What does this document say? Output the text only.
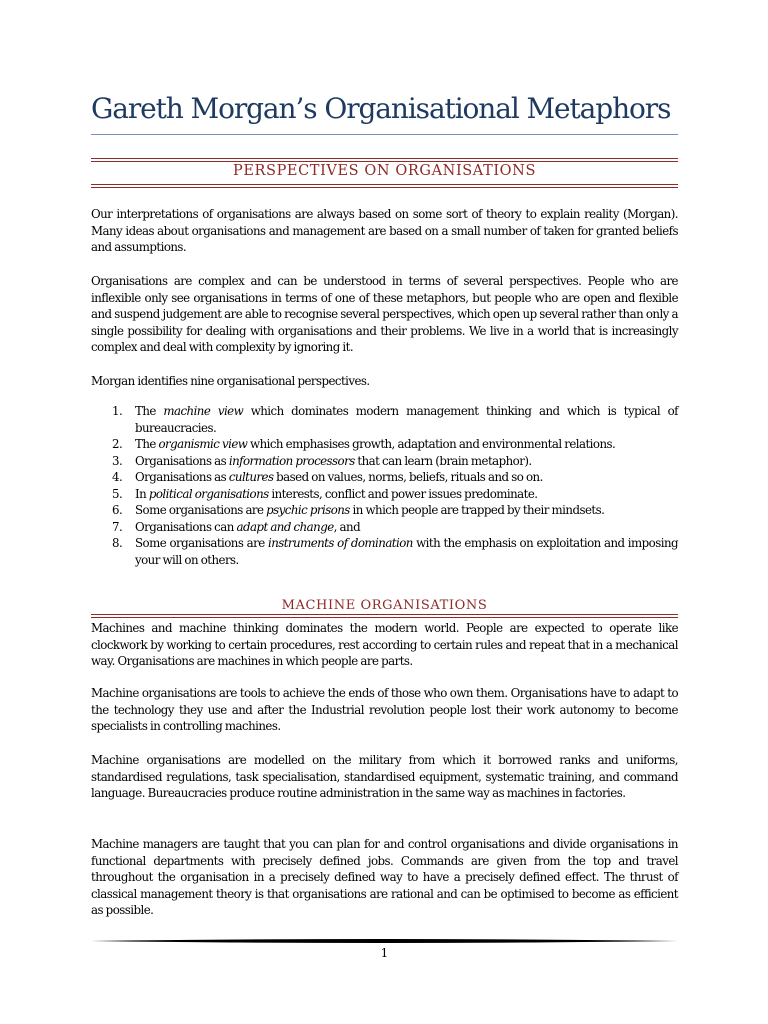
Gareth Morgan’s Organisational Metaphors
PERSPECTIVES ON ORGANISATIONS

Our interpretations of organisations are always based on some sort of theory to explain reality (Morgan). Many ideas about organisations and management are based on a small number of taken for granted beliefs and assumptions.

Organisations are complex and can be understood in terms of several perspectives. People who are inflexible only see organisations in terms of one of these metaphors, but people who are open and flexible and suspend judgement are able to recognise several perspectives, which open up several rather than only a single possibility for dealing with organisations and their problems. We live in a world that is increasingly complex and deal with complexity by ignoring it.

Morgan identifies nine organisational perspectives.

1. The machine view which dominates modern management thinking and which is typical of bureaucracies.
2. The organismic view which emphasises growth, adaptation and environmental relations.
3. Organisations as information processors that can learn (brain metaphor).
4. Organisations as cultures based on values, norms, beliefs, rituals and so on.
5. In political organisations interests, conflict and power issues predominate.
6. Some organisations are psychic prisons in which people are trapped by their mindsets.
7. Organisations can adapt and change, and
8. Some organisations are instruments of domination with the emphasis on exploitation and imposing your will on others.
MACHINE ORGANISATIONS

Machines and machine thinking dominates the modern world. People are expected to operate like clockwork by working to certain procedures, rest according to certain rules and repeat that in a mechanical way. Organisations are machines in which people are parts.

Machine organisations are tools to achieve the ends of those who own them. Organisations have to adapt to the technology they use and after the Industrial revolution people lost their work autonomy to become specialists in controlling machines.

Machine organisations are modelled on the military from which it borrowed ranks and uniforms, standardised regulations, task specialisation, standardised equipment, systematic training, and command language. Bureaucracies produce routine administration in the same way as machines in factories.

Machine managers are taught that you can plan for and control organisations and divide organisations in functional departments with precisely defined jobs. Commands are given from the top and travel throughout the organisation in a precisely defined way to have a precisely defined effect. The thrust of classical management theory is that organisations are rational and can be optimised to become as efficient as possible.

1
